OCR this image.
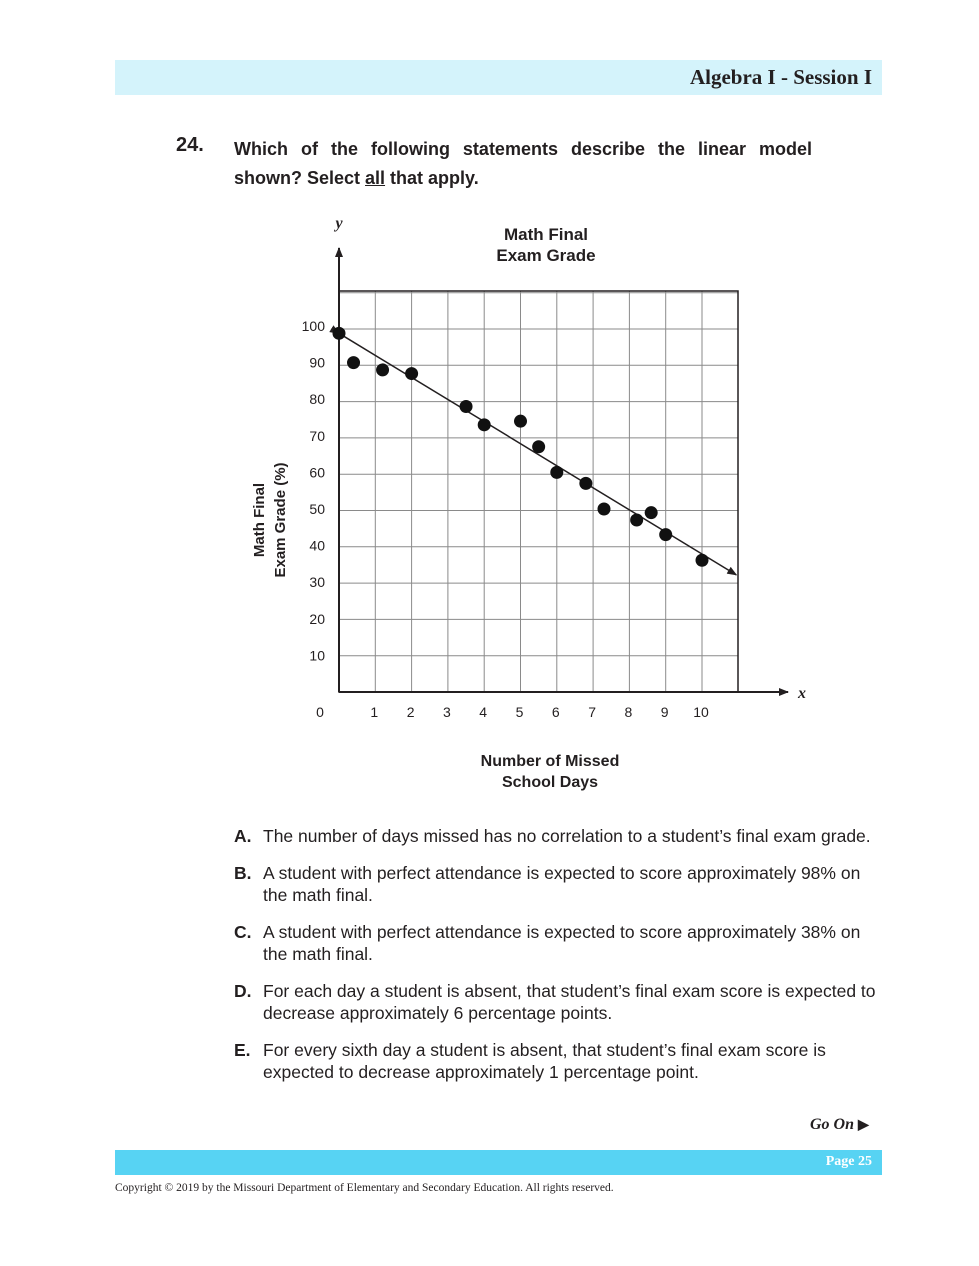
Algebra I - Session I
24. Which of the following statements describe the linear model shown? Select all that apply.
Math Final
Exam Grade
y
x
Math Final Exam Grade (%)
Number of Missed
School Days
10
20
30
40
50
60
70
80
90
100
0	1 2 3 4 5 6 7 8 9 10
A. The number of days missed has no correlation to a student’s final exam grade.
B. A student with perfect attendance is expected to score approximately 98% on the math final.
C. A student with perfect attendance is expected to score approximately 38% on the math final.
D. For each day a student is absent, that student’s final exam score is expected to decrease approximately 6 percentage points.
E. For every sixth day a student is absent, that student’s final exam score is expected to decrease approximately 1 percentage point.
Go On ▶
Page 25
Copyright © 2019 by the Missouri Department of Elementary and Secondary Education. All rights reserved.
